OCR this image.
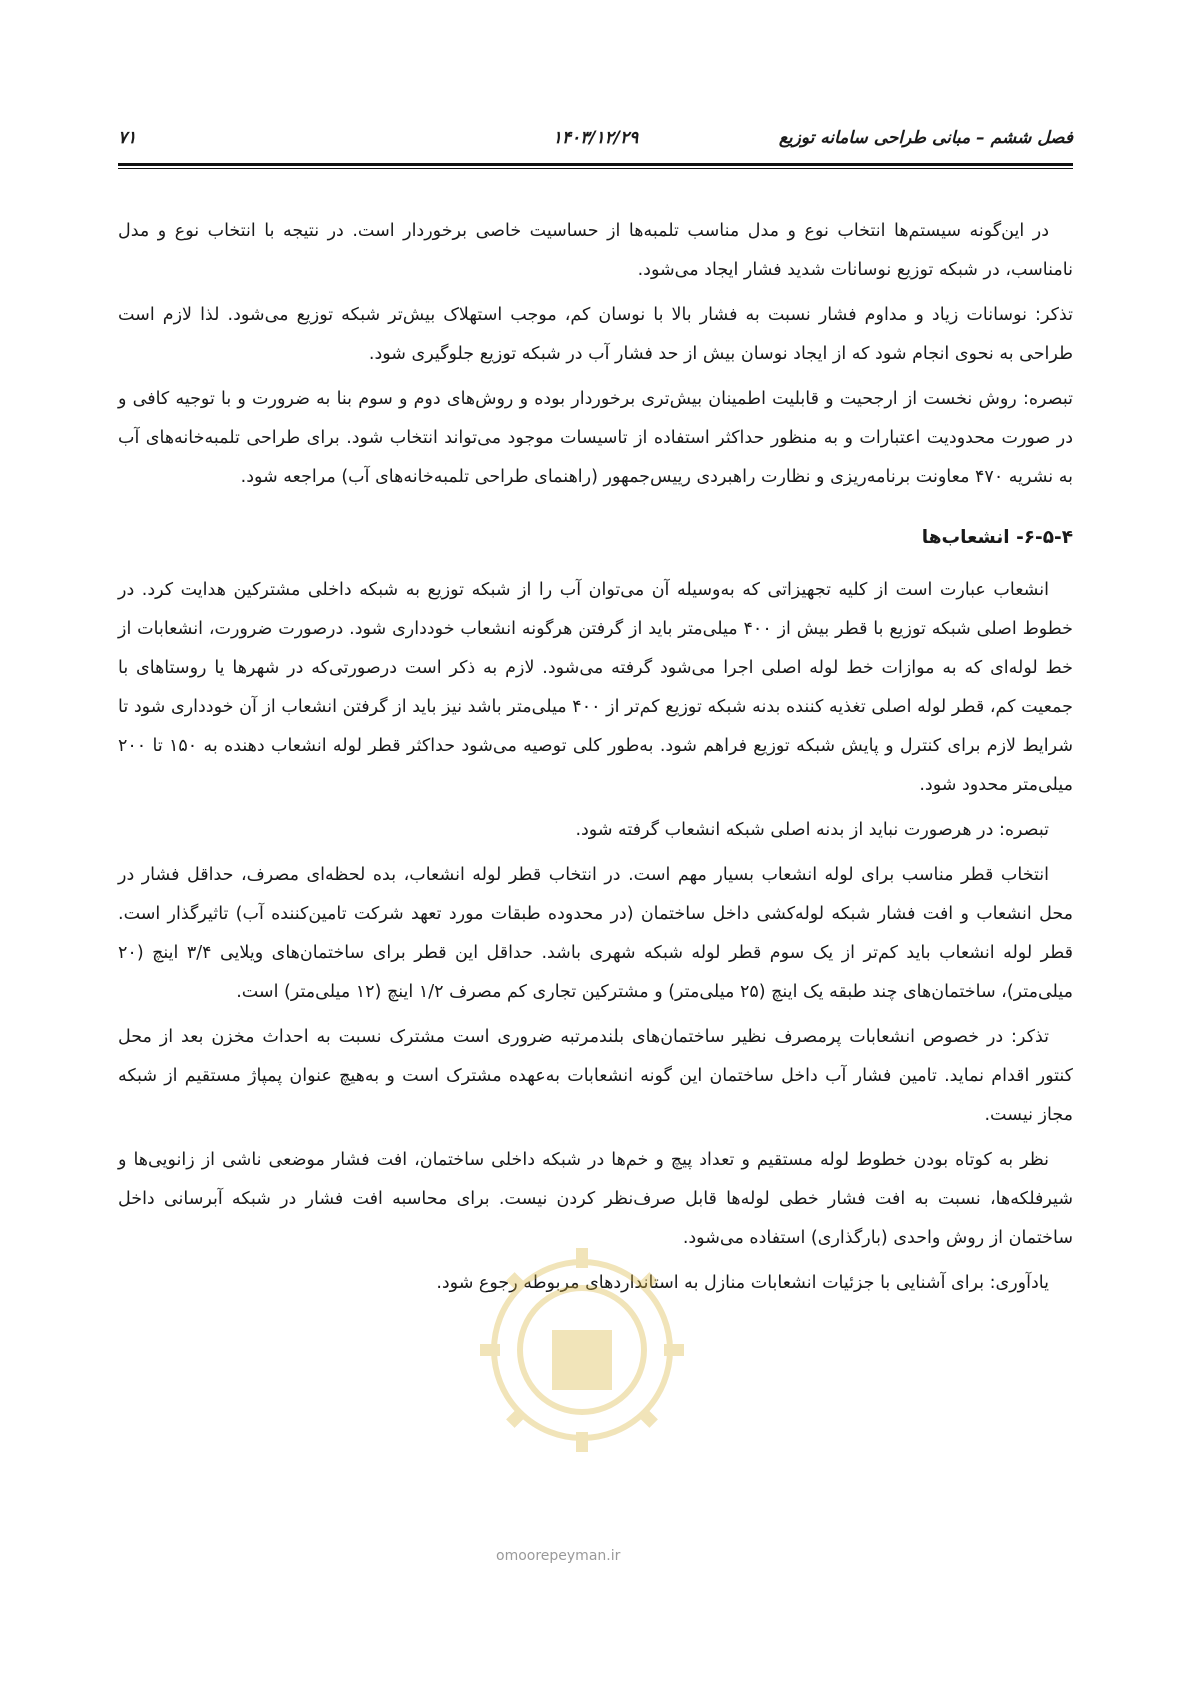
فصل ششم – مبانی طراحی سامانه توزیع
۱۴۰۳/۱۲/۲۹
۷۱

در این‌گونه سیستم‌ها انتخاب نوع و مدل مناسب تلمبه‌ها از حساسیت خاصی برخوردار است. در نتیجه با انتخاب نوع و مدل نامناسب، در شبکه توزیع نوسانات شدید فشار ایجاد می‌شود.

تذکر: نوسانات زیاد و مداوم فشار نسبت به فشار بالا با نوسان کم، موجب استهلاک بیش‌تر شبکه توزیع می‌شود. لذا لازم است طراحی به نحوی انجام شود که از ایجاد نوسان بیش از حد فشار آب در شبکه توزیع جلوگیری شود.

تبصره: روش نخست از ارجحیت و قابلیت اطمینان بیش‌تری برخوردار بوده و روش‌های دوم و سوم بنا به ضرورت و با توجیه کافی و در صورت محدودیت اعتبارات و به منظور حداکثر استفاده از تاسیسات موجود می‌تواند انتخاب شود. برای طراحی تلمبه‌خانه‌های آب به نشریه ۴۷۰ معاونت برنامه‌ریزی و نظارت راهبردی رییس‌جمهور (راهنمای طراحی تلمبه‌خانه‌های آب) مراجعه شود.

۶-۵-۴- انشعاب‌ها

انشعاب عبارت است از کلیه تجهیزاتی که به‌وسیله آن می‌توان آب را از شبکه توزیع به شبکه داخلی مشترکین هدایت کرد. در خطوط اصلی شبکه توزیع با قطر بیش از ۴۰۰ میلی‌متر باید از گرفتن هرگونه انشعاب خودداری شود. درصورت ضرورت، انشعابات از خط لوله‌ای که به موازات خط لوله اصلی اجرا می‌شود گرفته می‌شود. لازم به ذکر است درصورتی‌که در شهرها یا روستاهای با جمعیت کم، قطر لوله اصلی تغذیه کننده بدنه شبکه توزیع کم‌تر از ۴۰۰ میلی‌متر باشد نیز باید از گرفتن انشعاب از آن خودداری شود تا شرایط لازم برای کنترل و پایش شبکه توزیع فراهم شود. به‌طور کلی توصیه می‌شود حداکثر قطر لوله انشعاب دهنده به ۱۵۰ تا ۲۰۰ میلی‌متر محدود شود.

تبصره: در هرصورت نباید از بدنه اصلی شبکه انشعاب گرفته شود.

انتخاب قطر مناسب برای لوله انشعاب بسیار مهم است. در انتخاب قطر لوله انشعاب، بده لحظه‌ای مصرف، حداقل فشار در محل انشعاب و افت فشار شبکه لوله‌کشی داخل ساختمان (در محدوده طبقات مورد تعهد شرکت تامین‌کننده آب) تاثیرگذار است. قطر لوله انشعاب باید کم‌تر از یک سوم قطر لوله شبکه شهری باشد. حداقل این قطر برای ساختمان‌های ویلایی ۳/۴ اینچ (۲۰ میلی‌متر)، ساختمان‌های چند طبقه یک اینچ (۲۵ میلی‌متر) و مشترکین تجاری کم مصرف ۱/۲ اینچ (۱۲ میلی‌متر) است.

تذکر: در خصوص انشعابات پرمصرف نظیر ساختمان‌های بلندمرتبه ضروری است مشترک نسبت به احداث مخزن بعد از محل کنتور اقدام نماید. تامین فشار آب داخل ساختمان این گونه انشعابات به‌عهده مشترک است و به‌هیچ عنوان پمپاژ مستقیم از شبکه مجاز نیست.

نظر به کوتاه بودن خطوط لوله مستقیم و تعداد پیچ و خم‌ها در شبکه داخلی ساختمان، افت فشار موضعی ناشی از زانویی‌ها و شیرفلکه‌ها، نسبت به افت فشار خطی لوله‌ها قابل صرف‌نظر کردن نیست. برای محاسبه افت فشار در شبکه آبرسانی داخل ساختمان از روش واحدی (بارگذاری) استفاده می‌شود.

یادآوری: برای آشنایی با جزئیات انشعابات منازل به استانداردهای مربوطه رجوع شود.

omoorepeyman.ir
